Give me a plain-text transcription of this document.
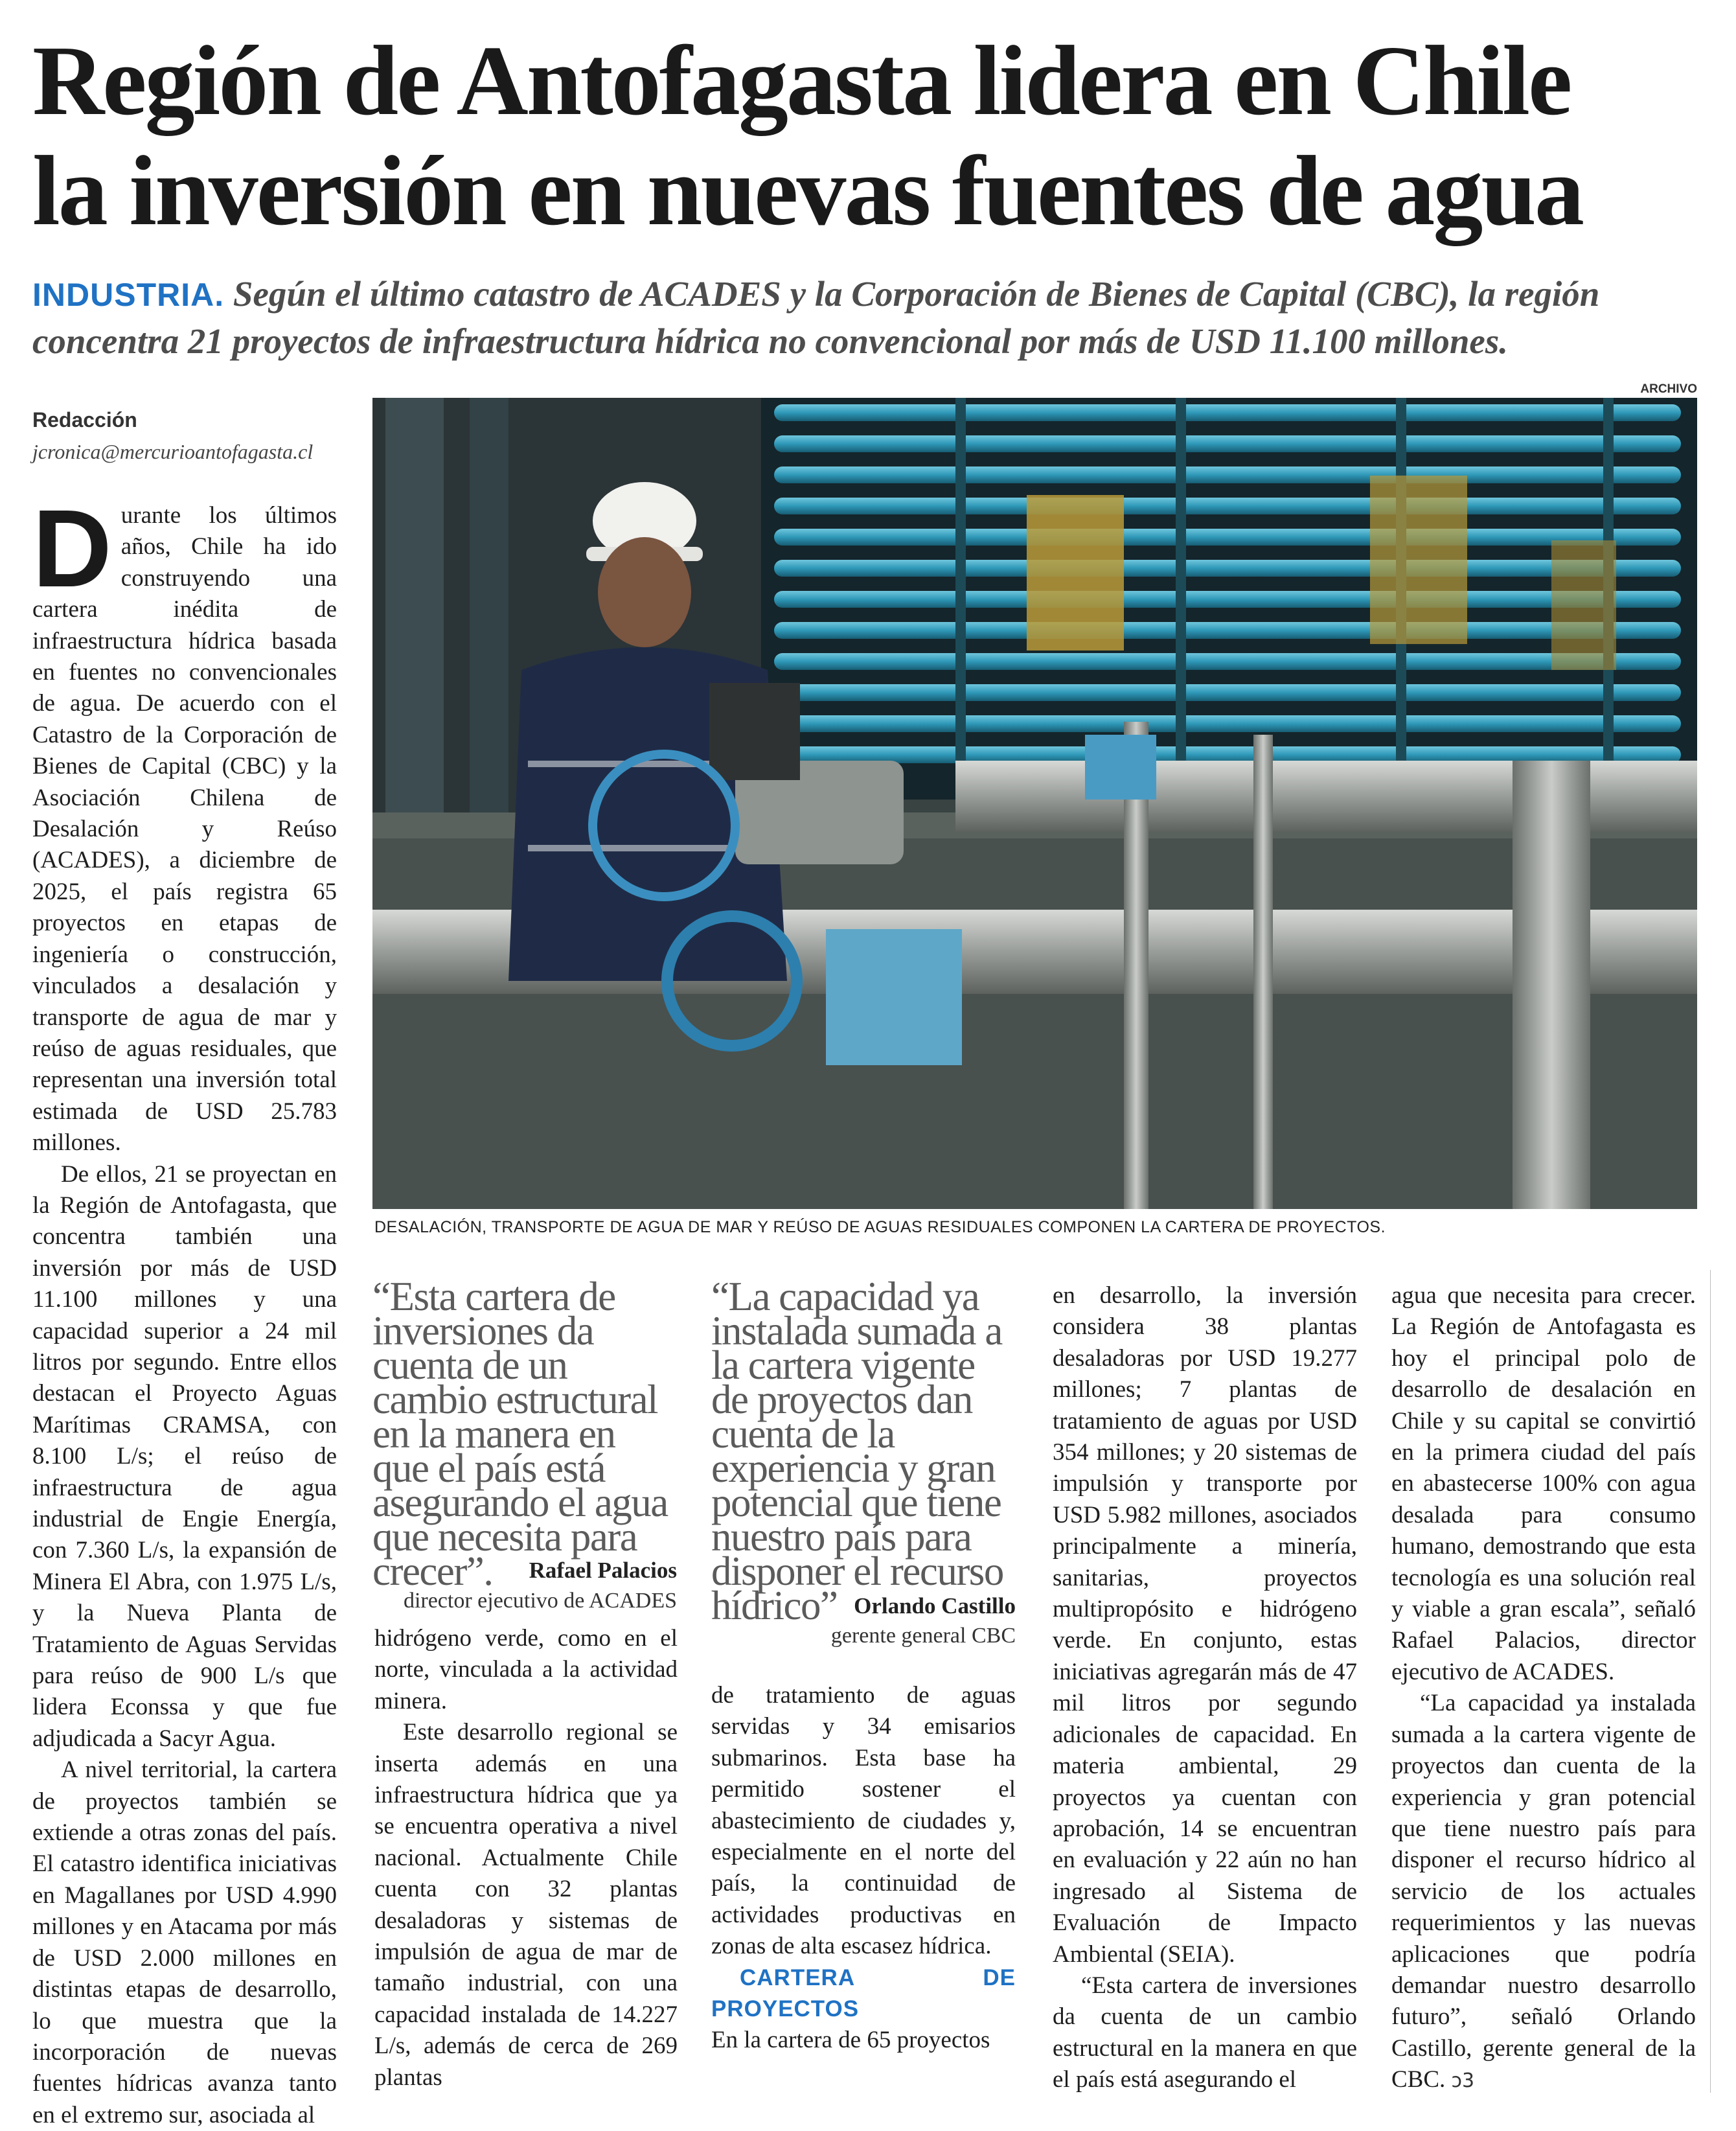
Región de Antofagasta lidera en Chile
la inversión en nuevas fuentes de agua
INDUSTRIA. Según el último catastro de ACADES y la Corporación de Bienes de Capital (CBC), la región concentra 21 proyectos de infraestructura hídrica no convencional por más de USD 11.100 millones.
Redacción
jcronica@mercurioantofagasta.cl
ARCHIVO
DESALACIÓN, TRANSPORTE DE AGUA DE MAR Y REÚSO DE AGUAS RESIDUALES COMPONEN LA CARTERA DE PROYECTOS.

Durante los últimos años, Chile ha ido construyendo una cartera inédita de infraestructura hídrica basada en fuentes no convencionales de agua. De acuerdo con el Catastro de la Corporación de Bienes de Capital (CBC) y la Asociación Chilena de Desalación y Reúso (ACADES), a diciembre de 2025, el país registra 65 proyectos en etapas de ingeniería o construcción, vinculados a desalación y transporte de agua de mar y reúso de aguas residuales, que representan una inversión total estimada de USD 25.783 millones.

De ellos, 21 se proyectan en la Región de Antofagasta, que concentra también una inversión por más de USD 11.100 millones y una capacidad superior a 24 mil litros por segundo. Entre ellos destacan el Proyecto Aguas Marítimas CRAMSA, con 8.100 L/s; el reúso de infraestructura de agua industrial de Engie Energía, con 7.360 L/s, la expansión de Minera El Abra, con 1.975 L/s, y la Nueva Planta de Tratamiento de Aguas Servidas para reúso de 900 L/s que lidera Econssa y que fue adjudicada a Sacyr Agua.

A nivel territorial, la cartera de proyectos también se extiende a otras zonas del país. El catastro identifica iniciativas en Magallanes por USD 4.990 millones y en Atacama por más de USD 2.000 millones en distintas etapas de desarrollo, lo que muestra que la incorporación de nuevas fuentes hídricas avanza tanto en el extremo sur, asociada al

“Esta cartera de inversiones da cuenta de un cambio estructural en la manera en que el país está asegurando el agua que necesita para crecer”.	Rafael Palacios
director ejecutivo de ACADES

hidrógeno verde, como en el norte, vinculada a la actividad minera.

Este desarrollo regional se inserta además en una infraestructura hídrica que ya se encuentra operativa a nivel nacional. Actualmente Chile cuenta con 32 plantas desaladoras y sistemas de impulsión de agua de mar de tamaño industrial, con una capacidad instalada de 14.227 L/s, además de cerca de 269 plantas

“La capacidad ya instalada sumada a la cartera vigente de proyectos dan cuenta de la experiencia y gran potencial que tiene nuestro país para disponer el recurso hídrico” Orlando Castillo
gerente general CBC

de tratamiento de aguas servidas y 34 emisarios submarinos. Esta base ha permitido sostener el abastecimiento de ciudades y, especialmente en el norte del país, la continuidad de actividades productivas en zonas de alta escasez hídrica.

CARTERA DE PROYECTOS

En la cartera de 65 proyectos

en desarrollo, la inversión considera 38 plantas desaladoras por USD 19.277 millones; 7 plantas de tratamiento de aguas por USD 354 millones; y 20 sistemas de impulsión y transporte por USD 5.982 millones, asociados principalmente a minería, sanitarias, proyectos multipropósito e hidrógeno verde. En conjunto, estas iniciativas agregarán más de 47 mil litros por segundo adicionales de capacidad. En materia ambiental, 29 proyectos ya cuentan con aprobación, 14 se encuentran en evaluación y 22 aún no han ingresado al Sistema de Evaluación de Impacto Ambiental (SEIA).

“Esta cartera de inversiones da cuenta de un cambio estructural en la manera en que el país está asegurando el

agua que necesita para crecer. La Región de Antofagasta es hoy el principal polo de desarrollo de desalación en Chile y su capital se convirtió en la primera ciudad del país en abastecerse 100% con agua desalada para consumo humano, demostrando que esta tecnología es una solución real y viable a gran escala”, señaló Rafael Palacios, director ejecutivo de ACADES.

“La capacidad ya instalada sumada a la cartera vigente de proyectos dan cuenta de la experiencia y gran potencial que tiene nuestro país para disponer el recurso hídrico al servicio de los actuales requerimientos y las nuevas aplicaciones que podría demandar nuestro desarrollo futuro”, señaló Orlando Castillo, gerente general de la CBC. ↄ3
